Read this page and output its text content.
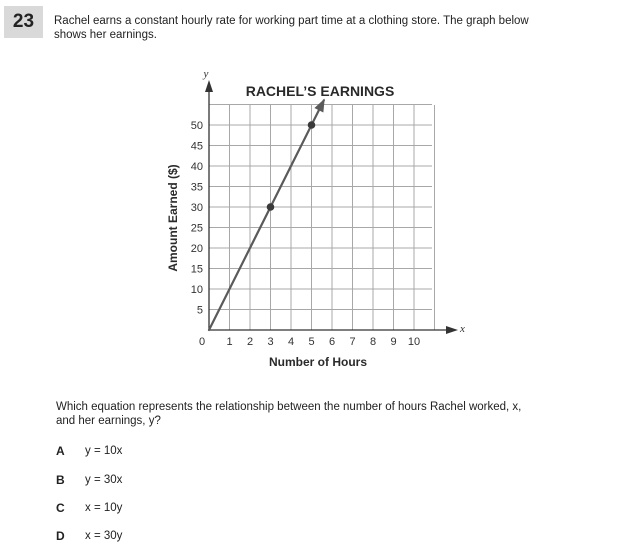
23	Rachel earns a constant hourly rate for working part time at a clothing store. The graph below
shows her earnings.
1 2 3 4 5 6 7 8 9 10
5
10
15
20
25
30
35
40
45
50
RACHEL’S EARNINGS
Number of Hours
Amount Earned ($)
x
y
0
Which equation represents the relationship between the number of hours Rachel worked, x,
and her earnings, y?
A y = 10x
B y = 30x
C x = 10y
D x = 30y
